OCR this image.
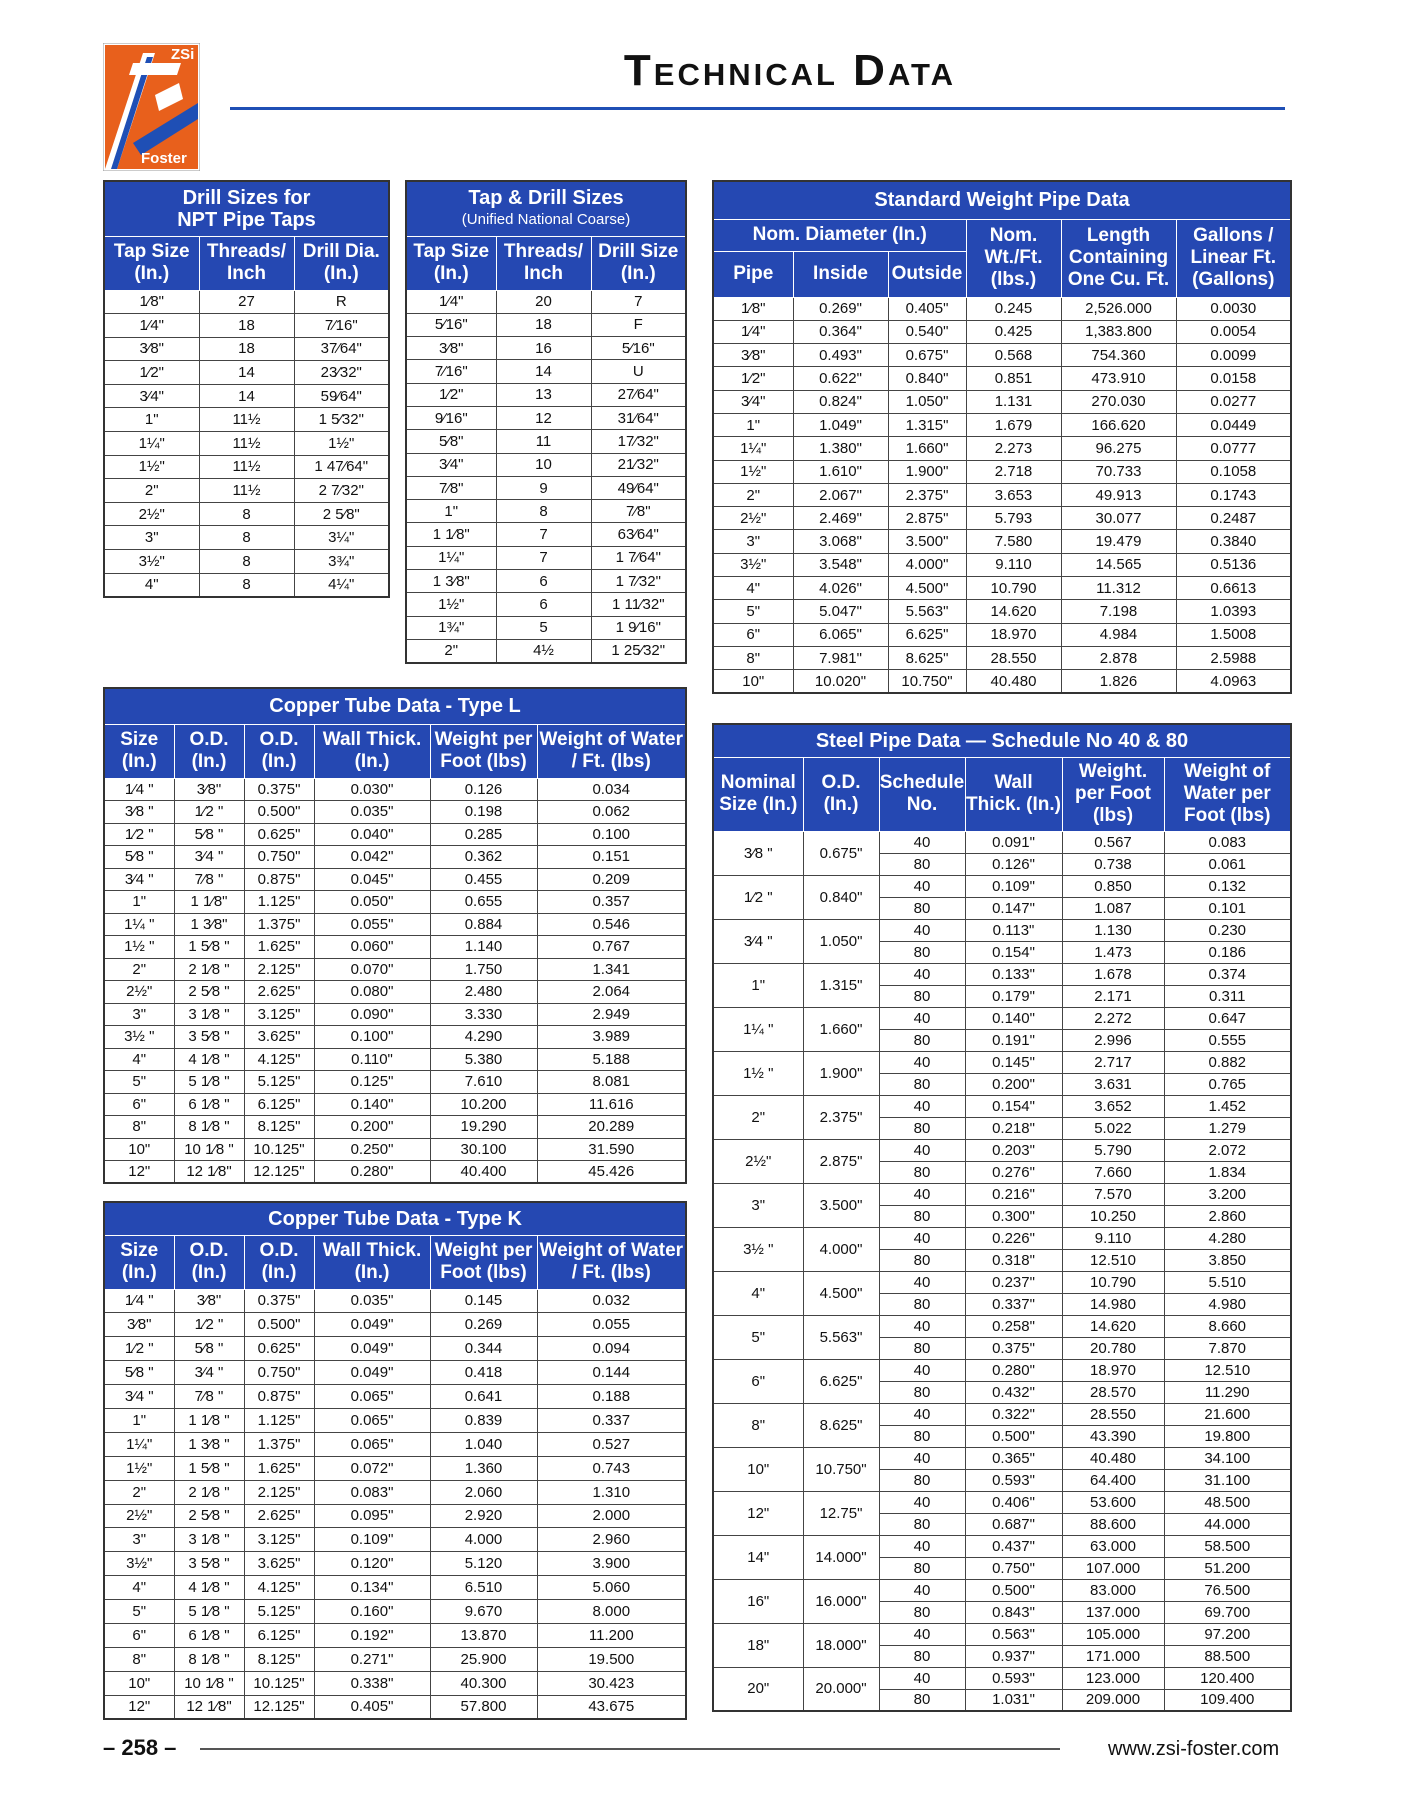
ZSi
Foster
Technical Data
Drill Sizes for
NPT Pipe Taps		

Tap Size (In.)	Threads/ Inch	Drill Dia. (In.)
1⁄8"	27	R
1⁄4"	18	7⁄16"
3⁄8"	18	37⁄64"
1⁄2"	14	23⁄32"
3⁄4"	14	59⁄64"
1"	11½	1 5⁄32"
1¼"	11½	1½"
1½"	11½	1 47⁄64"
2"	11½	2 7⁄32"
2½"	8	2 5⁄8"
3"	8	3¼"
3½"	8	3¾"
4"	8	4¼"
Tap & Drill Sizes
(Unified National Coarse)		

Tap Size (In.)	Threads/ Inch	Drill Size (In.)
1⁄4"	20	7
5⁄16"	18	F
3⁄8"	16	5⁄16"
7⁄16"	14	U
1⁄2"	13	27⁄64"
9⁄16"	12	31⁄64"
5⁄8"	11	17⁄32"
3⁄4"	10	21⁄32"
7⁄8"	9	49⁄64"
1"	8	7⁄8"
1 1⁄8"	7	63⁄64"
1¼"	7	1 7⁄64"
1 3⁄8"	6	1 7⁄32"
1½"	6	1 11⁄32"
1¾"	5	1 9⁄16"
2"	4½	1 25⁄32"
Standard Weight Pipe Data					
Nom. Diameter (In.)			Nom. Wt./Ft. (lbs.)	Length Containing One Cu. Ft.	Gallons / Linear Ft. (Gallons)
Pipe	Inside	Outside			
1⁄8"	0.269"	0.405"	0.245	2,526.000	0.0030
1⁄4"	0.364"	0.540"	0.425	1,383.800	0.0054
3⁄8"	0.493"	0.675"	0.568	754.360	0.0099
1⁄2"	0.622"	0.840"	0.851	473.910	0.0158
3⁄4"	0.824"	1.050"	1.131	270.030	0.0277
1"	1.049"	1.315"	1.679	166.620	0.0449
1¼"	1.380"	1.660"	2.273	96.275	0.0777
1½"	1.610"	1.900"	2.718	70.733	0.1058
2"	2.067"	2.375"	3.653	49.913	0.1743
2½"	2.469"	2.875"	5.793	30.077	0.2487
3"	3.068"	3.500"	7.580	19.479	0.3840
3½"	3.548"	4.000"	9.110	14.565	0.5136
4"	4.026"	4.500"	10.790	11.312	0.6613
5"	5.047"	5.563"	14.620	7.198	1.0393
6"	6.065"	6.625"	18.970	4.984	1.5008
8"	7.981"	8.625"	28.550	2.878	2.5988
10"	10.020"	10.750"	40.480	1.826	4.0963
Copper Tube Data - Type L					
Size (In.)	O.D. (In.)	O.D. (In.)	Wall Thick. (In.)	Weight per Foot (lbs)	Weight of Water / Ft. (lbs)
1⁄4 "	3⁄8"	0.375"	0.030"	0.126	0.034
3⁄8 "	1⁄2 "	0.500"	0.035"	0.198	0.062
1⁄2 "	5⁄8 "	0.625"	0.040"	0.285	0.100
5⁄8 "	3⁄4 "	0.750"	0.042"	0.362	0.151
3⁄4 "	7⁄8 "	0.875"	0.045"	0.455	0.209
1"	1 1⁄8"	1.125"	0.050"	0.655	0.357
1¼ "	1 3⁄8"	1.375"	0.055"	0.884	0.546
1½ "	1 5⁄8 "	1.625"	0.060"	1.140	0.767
2"	2 1⁄8 "	2.125"	0.070"	1.750	1.341
2½"	2 5⁄8 "	2.625"	0.080"	2.480	2.064
3"	3 1⁄8 "	3.125"	0.090"	3.330	2.949
3½ "	3 5⁄8 "	3.625"	0.100"	4.290	3.989
4"	4 1⁄8 "	4.125"	0.110"	5.380	5.188
5"	5 1⁄8 "	5.125"	0.125"	7.610	8.081
6"	6 1⁄8 "	6.125"	0.140"	10.200	11.616
8"	8 1⁄8 "	8.125"	0.200"	19.290	20.289
10"	10 1⁄8 "	10.125"	0.250"	30.100	31.590
12"	12 1⁄8"	12.125"	0.280"	40.400	45.426
Copper Tube Data - Type K					
Size (In.)	O.D. (In.)	O.D. (In.)	Wall Thick. (In.)	Weight per Foot (lbs)	Weight of Water / Ft. (lbs)
1⁄4 "	3⁄8"	0.375"	0.035"	0.145	0.032
3⁄8"	1⁄2 "	0.500"	0.049"	0.269	0.055
1⁄2 "	5⁄8 "	0.625"	0.049"	0.344	0.094
5⁄8 "	3⁄4 "	0.750"	0.049"	0.418	0.144
3⁄4 "	7⁄8 "	0.875"	0.065"	0.641	0.188
1"	1 1⁄8 "	1.125"	0.065"	0.839	0.337
1¼"	1 3⁄8 "	1.375"	0.065"	1.040	0.527
1½"	1 5⁄8 "	1.625"	0.072"	1.360	0.743
2"	2 1⁄8 "	2.125"	0.083"	2.060	1.310
2½"	2 5⁄8 "	2.625"	0.095"	2.920	2.000
3"	3 1⁄8 "	3.125"	0.109"	4.000	2.960
3½"	3 5⁄8 "	3.625"	0.120"	5.120	3.900
4"	4 1⁄8 "	4.125"	0.134"	6.510	5.060
5"	5 1⁄8 "	5.125"	0.160"	9.670	8.000
6"	6 1⁄8 "	6.125"	0.192"	13.870	11.200
8"	8 1⁄8 "	8.125"	0.271"	25.900	19.500
10"	10 1⁄8 "	10.125"	0.338"	40.300	30.423
12"	12 1⁄8"	12.125"	0.405"	57.800	43.675
Steel Pipe Data — Schedule No 40 & 80					
Nominal Size (In.)	O.D. (In.)	Schedule No.	Wall Thick. (In.)	Weight. per Foot (lbs)	Weight of Water per Foot (lbs)
3⁄8 "	0.675"	40	0.091"	0.567	0.083
		80	0.126"	0.738	0.061
1⁄2 "	0.840"	40	0.109"	0.850	0.132
		80	0.147"	1.087	0.101
3⁄4 "	1.050"	40	0.113"	1.130	0.230
		80	0.154"	1.473	0.186
1"	1.315"	40	0.133"	1.678	0.374
		80	0.179"	2.171	0.311
1¼ "	1.660"	40	0.140"	2.272	0.647
		80	0.191"	2.996	0.555
1½ "	1.900"	40	0.145"	2.717	0.882
		80	0.200"	3.631	0.765
2"	2.375"	40	0.154"	3.652	1.452
		80	0.218"	5.022	1.279
2½"	2.875"	40	0.203"	5.790	2.072
		80	0.276"	7.660	1.834
3"	3.500"	40	0.216"	7.570	3.200
		80	0.300"	10.250	2.860
3½ "	4.000"	40	0.226"	9.110	4.280
		80	0.318"	12.510	3.850
4"	4.500"	40	0.237"	10.790	5.510
		80	0.337"	14.980	4.980
5"	5.563"	40	0.258"	14.620	8.660
		80	0.375"	20.780	7.870
6"	6.625"	40	0.280"	18.970	12.510
		80	0.432"	28.570	11.290
8"	8.625"	40	0.322"	28.550	21.600
		80	0.500"	43.390	19.800
10"	10.750"	40	0.365"	40.480	34.100
		80	0.593"	64.400	31.100
12"	12.75"	40	0.406"	53.600	48.500
		80	0.687"	88.600	44.000
14"	14.000"	40	0.437"	63.000	58.500
		80	0.750"	107.000	51.200
16"	16.000"	40	0.500"	83.000	76.500
		80	0.843"	137.000	69.700
18"	18.000"	40	0.563"	105.000	97.200
		80	0.937"	171.000	88.500
20"	20.000"	40	0.593"	123.000	120.400
		80	1.031"	209.000	109.400
– 258 –	www.zsi-foster.com
